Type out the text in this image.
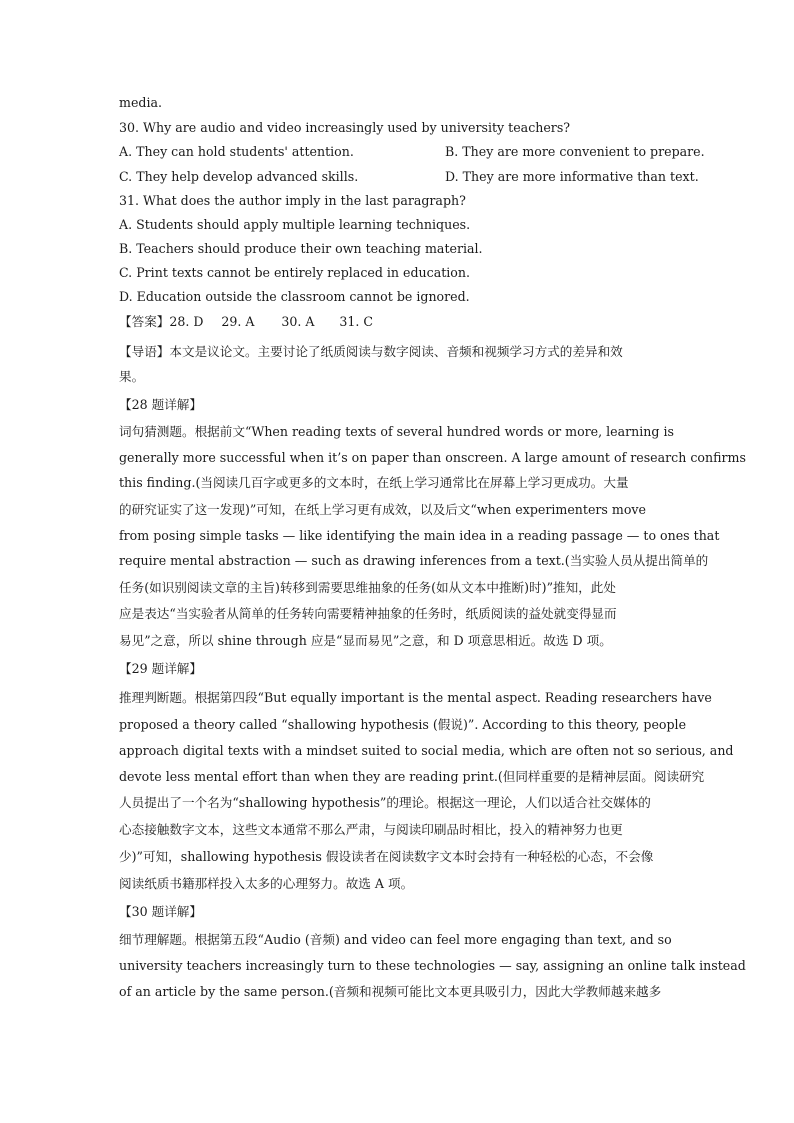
media.
30. Why are audio and video increasingly used by university teachers?
A. They can hold students' attention.	B. They are more convenient to prepare.
C. They help develop advanced skills.	D. They are more informative than text.
31. What does the author imply in the last paragraph?
A. Students should apply multiple learning techniques.
B. Teachers should produce their own teaching material.
C. Print texts cannot be entirely replaced in education.
D. Education outside the classroom cannot be ignored.
【答案】28. D 29. A 30. A 31. C
【导语】本文是议论文。主要讨论了纸质阅读与数字阅读、音频和视频学习方式的差异和效
果。
【28 题详解】
词句猜测题。根据前文“When reading texts of several hundred words or more, learning is
generally more successful when it’s on paper than onscreen. A large amount of research confirms
this finding.(当阅读几百字或更多的文本时，在纸上学习通常比在屏幕上学习更成功。大量
的研究证实了这一发现)”可知，在纸上学习更有成效，以及后文“when experimenters move
from posing simple tasks — like identifying the main idea in a reading passage — to ones that
require mental abstraction — such as drawing inferences from a text.(当实验人员从提出简单的
任务(如识别阅读文章的主旨)转移到需要思维抽象的任务(如从文本中推断)时)”推知，此处
应是表达“当实验者从简单的任务转向需要精神抽象的任务时，纸质阅读的益处就变得显而
易见”之意，所以 shine through 应是“显而易见”之意，和 D 项意思相近。故选 D 项。
【29 题详解】
推理判断题。根据第四段“But equally important is the mental aspect. Reading researchers have
proposed a theory called “shallowing hypothesis (假说)”. According to this theory, people
approach digital texts with a mindset suited to social media, which are often not so serious, and
devote less mental effort than when they are reading print.(但同样重要的是精神层面。阅读研究
人员提出了一个名为“shallowing hypothesis”的理论。根据这一理论，人们以适合社交媒体的
心态接触数字文本，这些文本通常不那么严肃，与阅读印刷品时相比，投入的精神努力也更
少)”可知，shallowing hypothesis 假设读者在阅读数字文本时会持有一种轻松的心态，不会像
阅读纸质书籍那样投入太多的心理努力。故选 A 项。
【30 题详解】
细节理解题。根据第五段“Audio (音频) and video can feel more engaging than text, and so
university teachers increasingly turn to these technologies — say, assigning an online talk instead
of an article by the same person.(音频和视频可能比文本更具吸引力，因此大学教师越来越多
